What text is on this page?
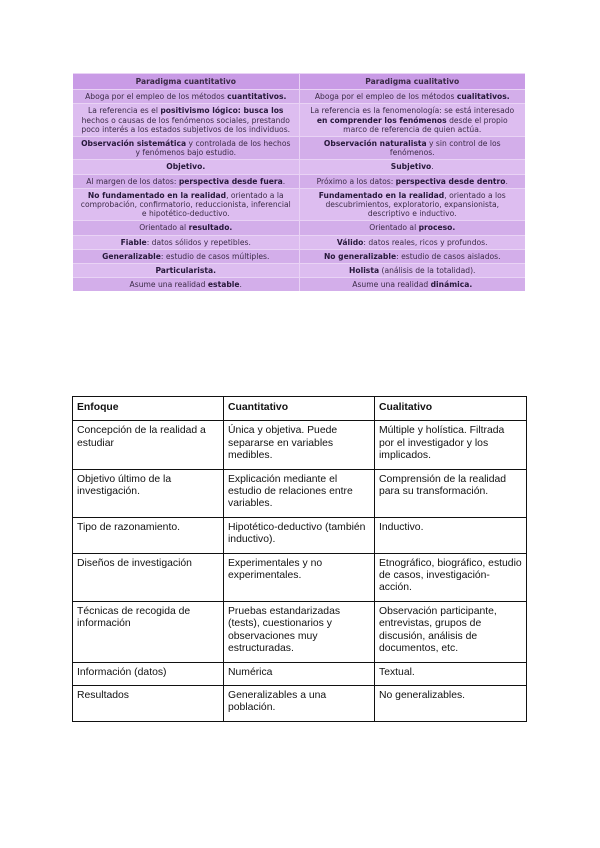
Paradigma cuantitativo	Paradigma cualitativo
Aboga por el empleo de los métodos cuantitativos.	Aboga por el empleo de los métodos cualitativos.
La referencia es el positivismo lógico: busca los hechos o causas de los fenómenos sociales, prestando poco interés a los estados subjetivos de los individuos.	La referencia es la fenomenología: se está interesado en comprender los fenómenos desde el propio marco de referencia de quien actúa.
Observación sistemática y controlada de los hechos y fenómenos bajo estudio.	Observación naturalista y sin control de los fenómenos.
Objetivo.	Subjetivo.
Al margen de los datos: perspectiva desde fuera.	Próximo a los datos: perspectiva desde dentro.
No fundamentado en la realidad, orientado a la comprobación, confirmatorio, reduccionista, inferencial e hipotético-deductivo.	Fundamentado en la realidad, orientado a los descubrimientos, exploratorio, expansionista, descriptivo e inductivo.
Orientado al resultado.	Orientado al proceso.
Fiable: datos sólidos y repetibles.	Válido: datos reales, ricos y profundos.
Generalizable: estudio de casos múltiples.	No generalizable: estudio de casos aislados.
Particularista.	Holista (análisis de la totalidad).
Asume una realidad estable.	Asume una realidad dinámica.
Enfoque	Cuantitativo	Cualitativo
Concepción de la realidad a estudiar	Única y objetiva. Puede separarse en variables medibles.	Múltiple y holística. Filtrada por el investigador y los implicados.
Objetivo último de la investigación.	Explicación mediante el estudio de relaciones entre variables.	Comprensión de la realidad para su transformación.
Tipo de razonamiento.	Hipotético-deductivo (también inductivo).	Inductivo.
Diseños de investigación	Experimentales y no experimentales.	Etnográfico, biográfico, estudio de casos, investigación-acción.
Técnicas de recogida de información	Pruebas estandarizadas (tests), cuestionarios y observaciones muy estructuradas.	Observación participante, entrevistas, grupos de discusión, análisis de documentos, etc.
Información (datos)	Numérica	Textual.
Resultados	Generalizables a una población.	No generalizables.
